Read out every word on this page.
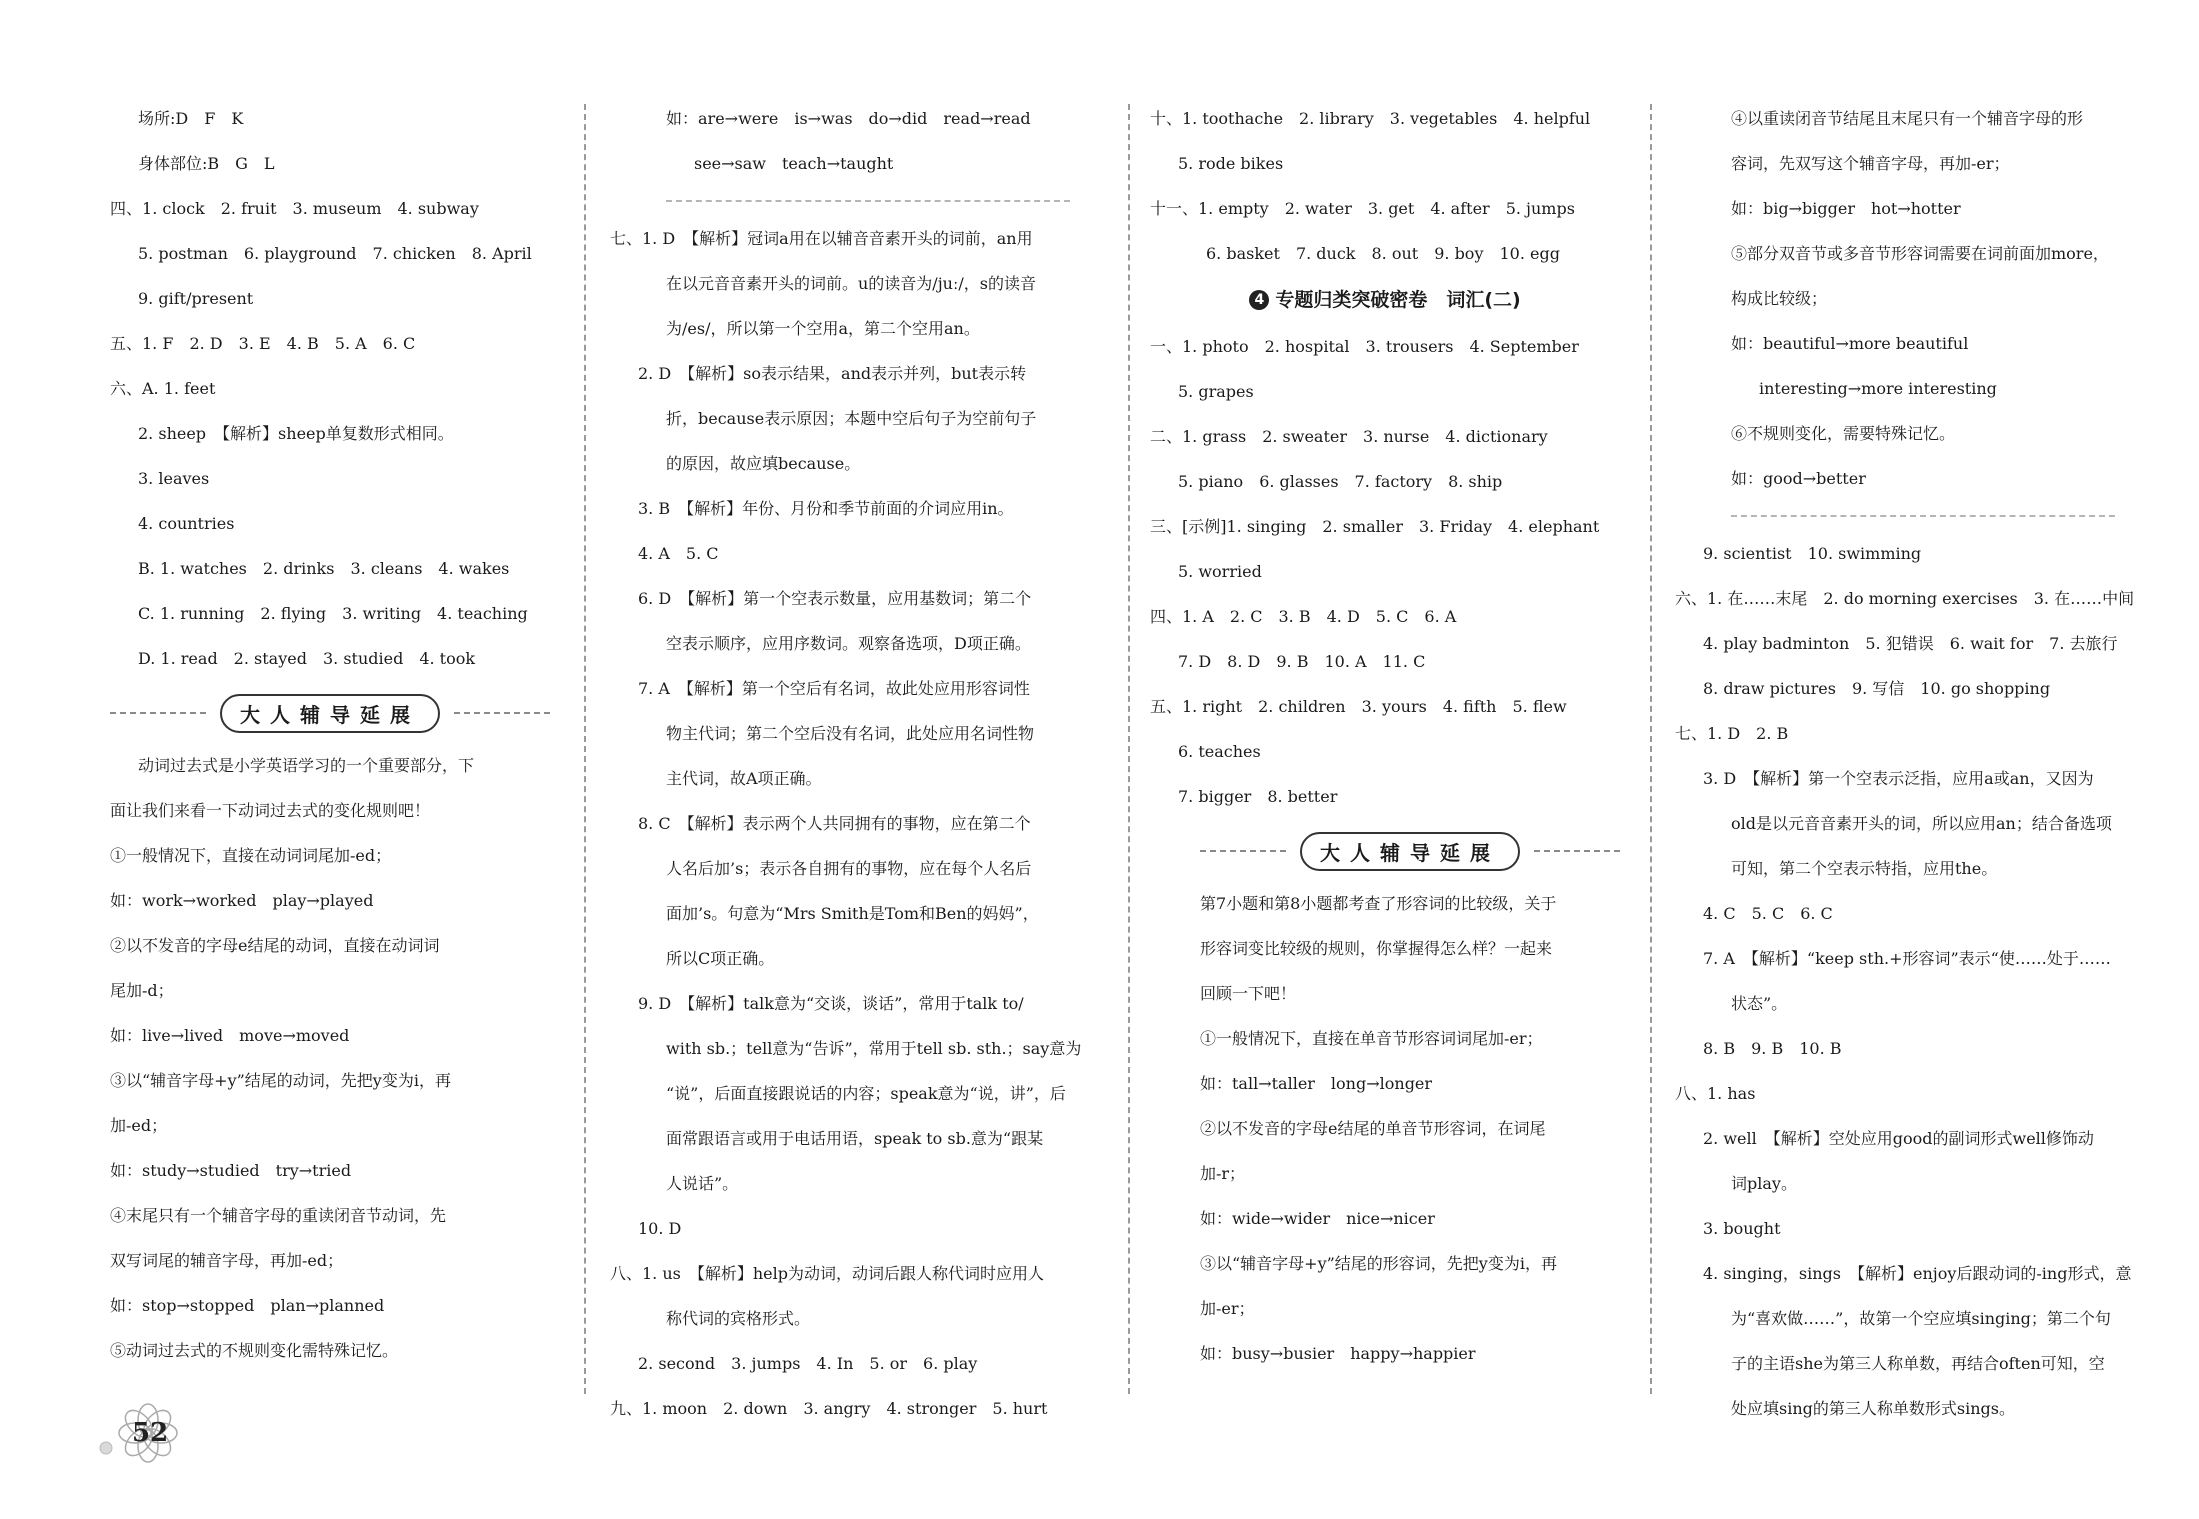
场所:D　F　K
身体部位:B　G　L
四、1. clock　2. fruit　3. museum　4. subway
5. postman　6. playground　7. chicken　8. April
9. gift/present
五、1. F　2. D　3. E　4. B　5. A　6. C
六、A. 1. feet
2. sheep　【解析】sheep单复数形式相同。
3. leaves
4. countries
B. 1. watches　2. drinks　3. cleans　4. wakes
C. 1. running　2. flying　3. writing　4. teaching
D. 1. read　2. stayed　3. studied　4. took
大人辅导延展
动词过去式是小学英语学习的一个重要部分，下
面让我们来看一下动词过去式的变化规则吧！
①一般情况下，直接在动词词尾加-ed；
如：work→worked　play→played
②以不发音的字母e结尾的动词，直接在动词词
尾加-d；
如：live→lived　move→moved
③以“辅音字母+y”结尾的动词，先把y变为i，再
加-ed；
如：study→studied　try→tried
④末尾只有一个辅音字母的重读闭音节动词，先
双写词尾的辅音字母，再加-ed；
如：stop→stopped　plan→planned
⑤动词过去式的不规则变化需特殊记忆。
如：are→were　is→was　do→did　read→read
see→saw　teach→taught
七、1. D　【解析】冠词a用在以辅音音素开头的词前，an用
在以元音音素开头的词前。u的读音为/juː/，s的读音
为/es/，所以第一个空用a，第二个空用an。
2. D　【解析】so表示结果，and表示并列，but表示转
折，because表示原因；本题中空后句子为空前句子
的原因，故应填because。
3. B　【解析】年份、月份和季节前面的介词应用in。
4. A　5. C
6. D　【解析】第一个空表示数量，应用基数词；第二个
空表示顺序，应用序数词。观察备选项，D项正确。
7. A　【解析】第一个空后有名词，故此处应用形容词性
物主代词；第二个空后没有名词，此处应用名词性物
主代词，故A项正确。
8. C　【解析】表示两个人共同拥有的事物，应在第二个
人名后加’s；表示各自拥有的事物，应在每个人名后
面加’s。句意为“Mrs Smith是Tom和Ben的妈妈”，
所以C项正确。
9. D　【解析】talk意为“交谈，谈话”，常用于talk to/
with sb.；tell意为“告诉”，常用于tell sb. sth.；say意为
“说”，后面直接跟说话的内容；speak意为“说，讲”，后
面常跟语言或用于电话用语，speak to sb.意为“跟某
人说话”。
10. D
八、1. us　【解析】help为动词，动词后跟人称代词时应用人
称代词的宾格形式。
2. second　3. jumps　4. In　5. or　6. play
九、1. moon　2. down　3. angry　4. stronger　5. hurt
十、1. toothache　2. library　3. vegetables　4. helpful
5. rode bikes
十一、1. empty　2. water　3. get　4. after　5. jumps
6. basket　7. duck　8. out　9. boy　10. egg
4 专题归类突破密卷　词汇(二)
一、1. photo　2. hospital　3. trousers　4. September
5. grapes
二、1. grass　2. sweater　3. nurse　4. dictionary
5. piano　6. glasses　7. factory　8. ship
三、[示例]1. singing　2. smaller　3. Friday　4. elephant
5. worried
四、1. A　2. C　3. B　4. D　5. C　6. A
7. D　8. D　9. B　10. A　11. C
五、1. right　2. children　3. yours　4. fifth　5. flew
6. teaches
7. bigger　8. better
大人辅导延展
第7小题和第8小题都考查了形容词的比较级，关于
形容词变比较级的规则，你掌握得怎么样？一起来
回顾一下吧！
①一般情况下，直接在单音节形容词词尾加-er；
如：tall→taller　long→longer
②以不发音的字母e结尾的单音节形容词，在词尾
加-r；
如：wide→wider　nice→nicer
③以“辅音字母+y”结尾的形容词，先把y变为i，再
加-er；
如：busy→busier　happy→happier
④以重读闭音节结尾且末尾只有一个辅音字母的形
容词，先双写这个辅音字母，再加-er；
如：big→bigger　hot→hotter
⑤部分双音节或多音节形容词需要在词前面加more，
构成比较级；
如：beautiful→more beautiful
interesting→more interesting
⑥不规则变化，需要特殊记忆。
如：good→better
9. scientist　10. swimming
六、1. 在……末尾　2. do morning exercises　3. 在……中间
4. play badminton　5. 犯错误　6. wait for　7. 去旅行
8. draw pictures　9. 写信　10. go shopping
七、1. D　2. B
3. D　【解析】第一个空表示泛指，应用a或an，又因为
old是以元音音素开头的词，所以应用an；结合备选项
可知，第二个空表示特指，应用the。
4. C　5. C　6. C
7. A　【解析】“keep sth.+形容词”表示“使……处于……
状态”。
8. B　9. B　10. B
八、1. has
2. well　【解析】空处应用good的副词形式well修饰动
词play。
3. bought
4. singing，sings　【解析】enjoy后跟动词的-ing形式，意
为“喜欢做……”，故第一个空应填singing；第二个句
子的主语she为第三人称单数，再结合often可知，空
处应填sing的第三人称单数形式sings。
52
